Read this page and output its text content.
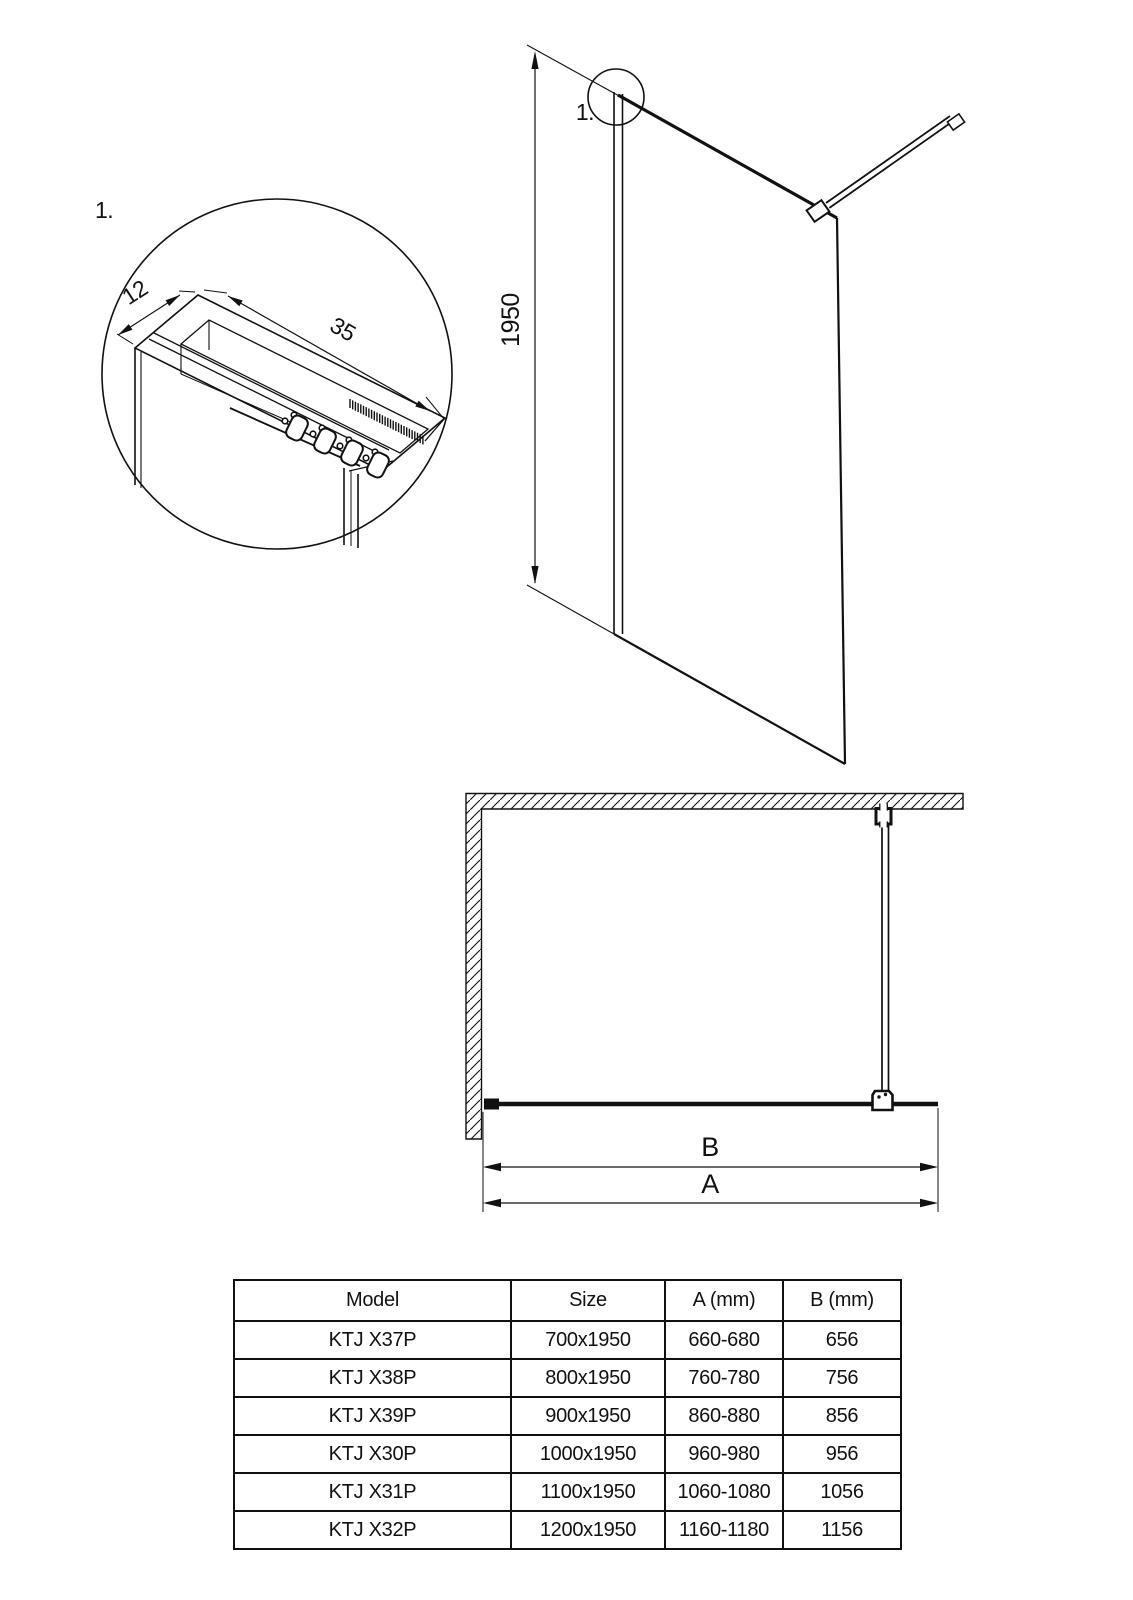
12
35
1.
1950
1.
B
A
Model	Size	A (mm)	B (mm)
KTJ X37P	700x1950	660-680	656
KTJ X38P	800x1950	760-780	756
KTJ X39P	900x1950	860-880	856
KTJ X30P	1000x1950	960-980	956
KTJ X31P	1100x1950	1060-1080	1056
KTJ X32P	1200x1950	1160-1180	1156
